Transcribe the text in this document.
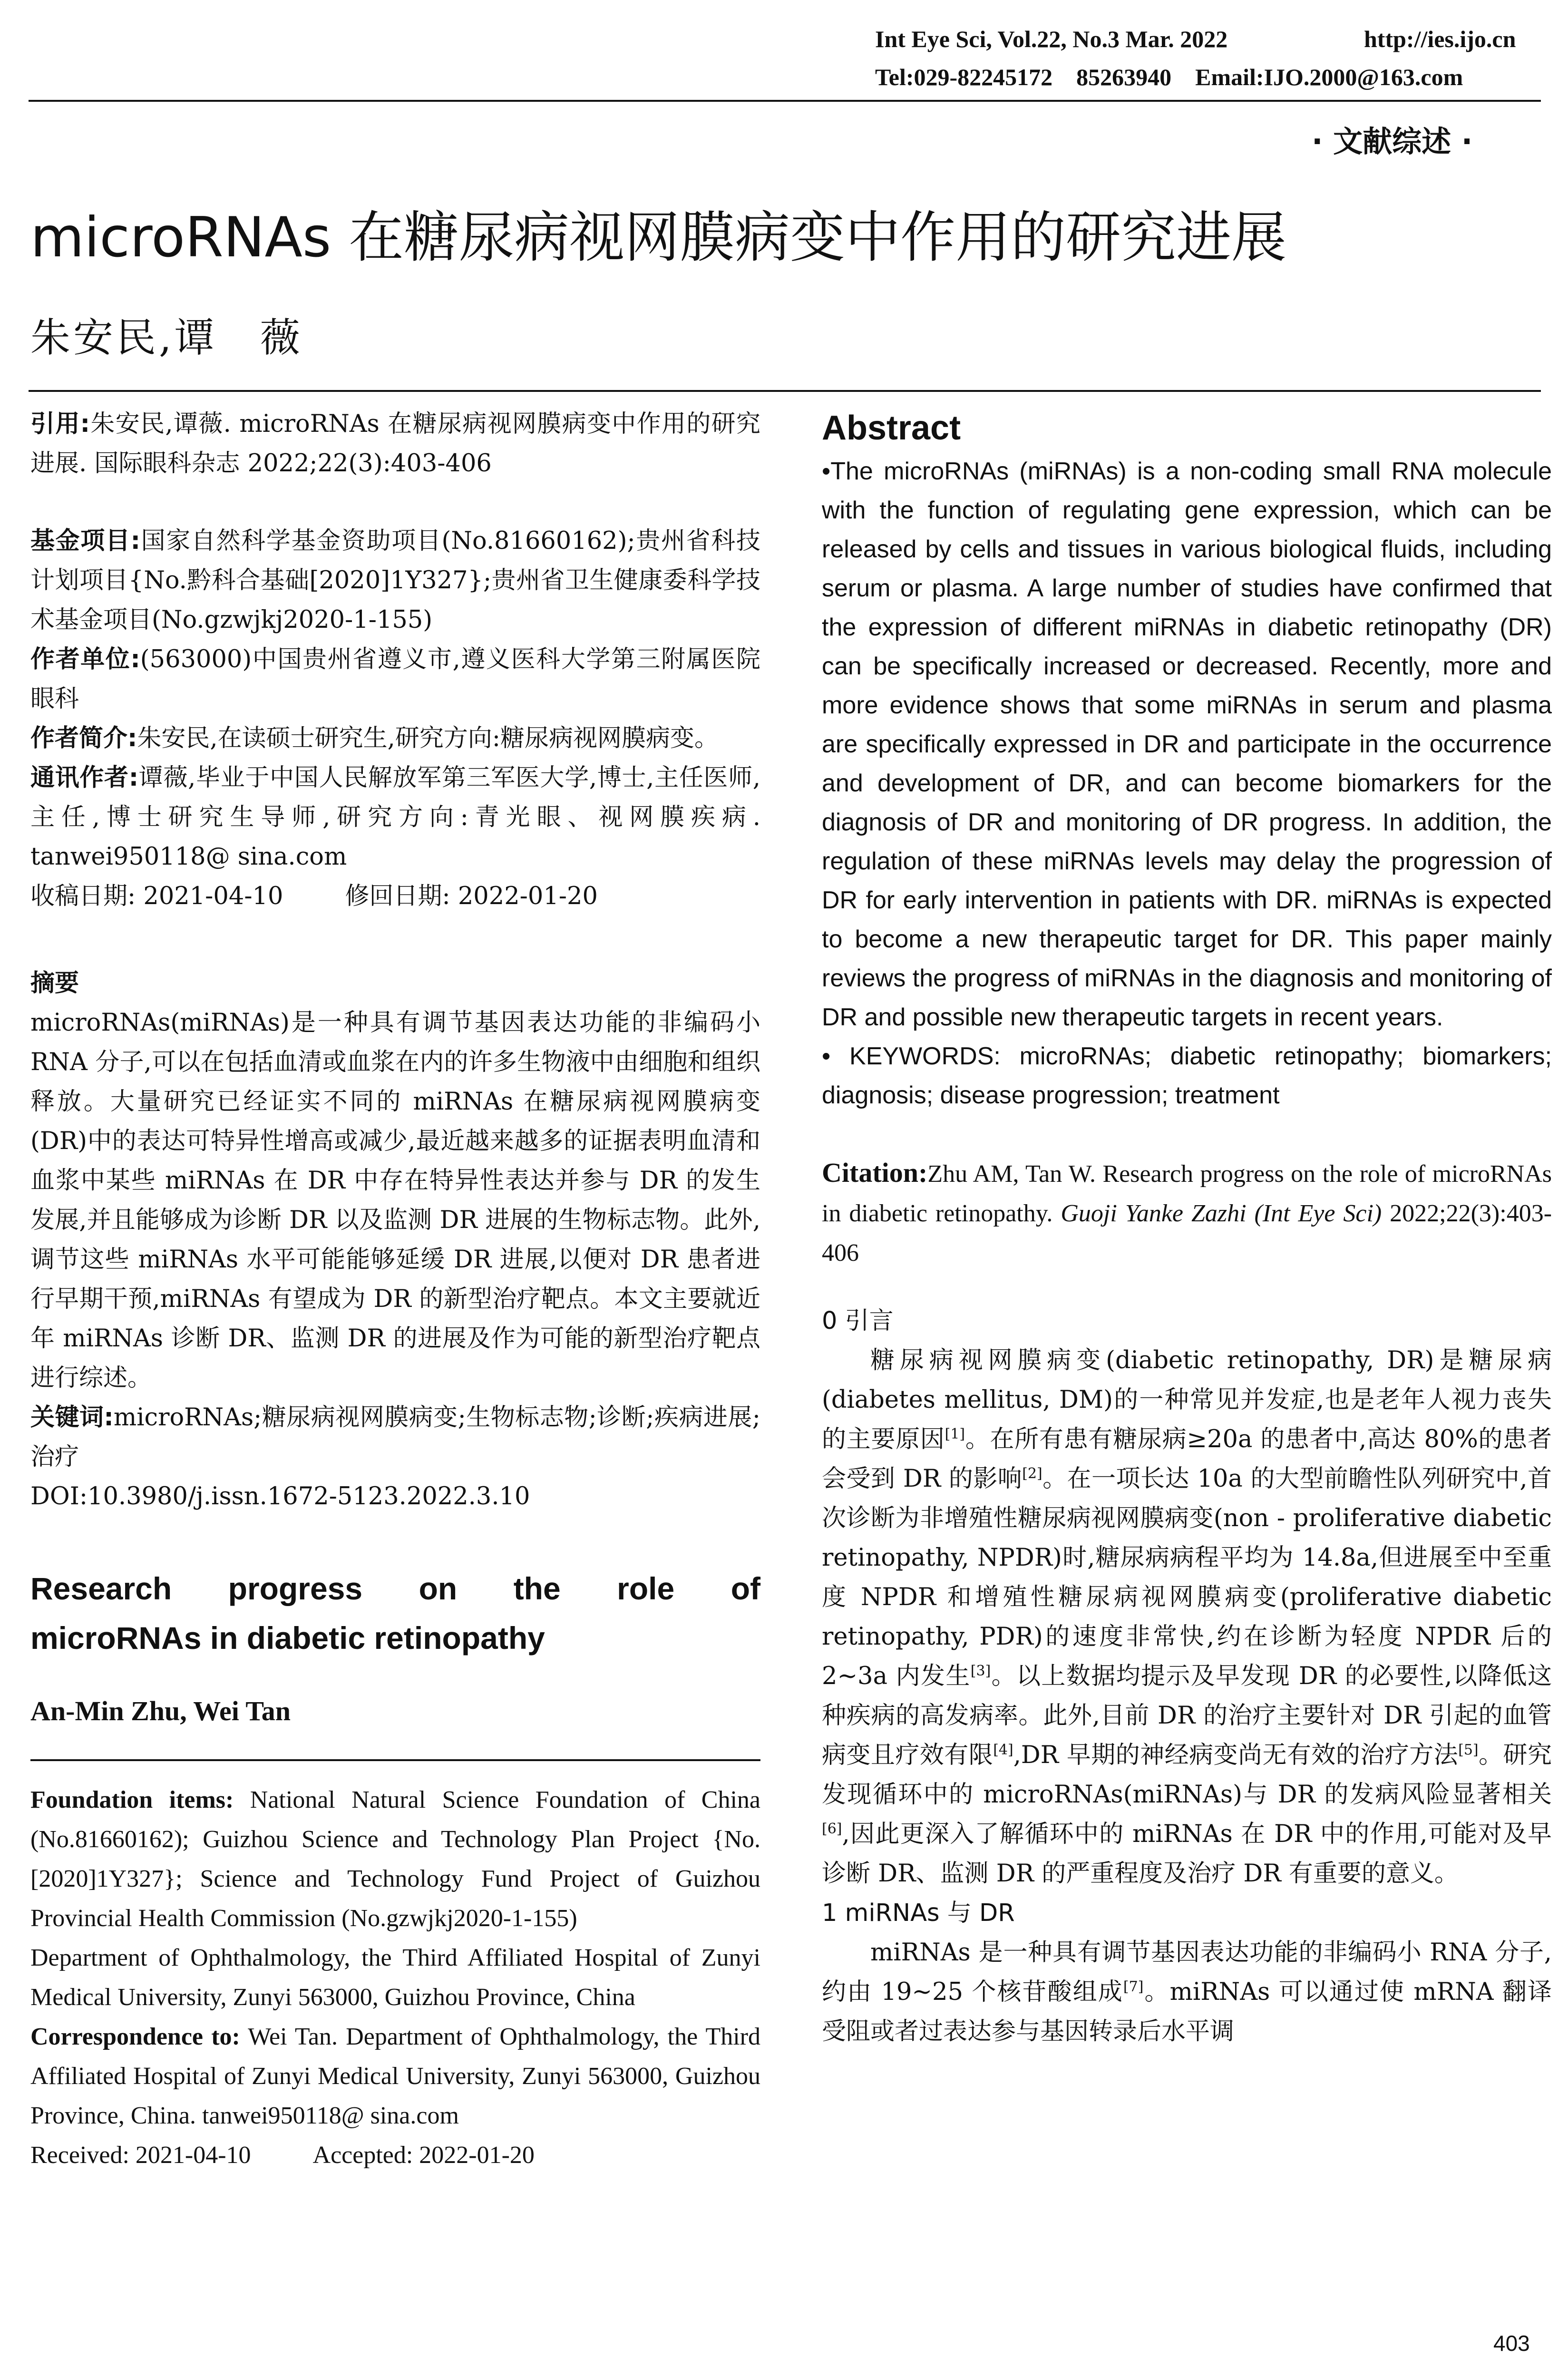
Int Eye Sci, Vol.22, No.3 Mar. 2022	http://ies.ijo.cn
Tel:029-82245172    85263940    Email:IJO.2000@163.com
· 文献综述 ·
microRNAs 在糖尿病视网膜病变中作用的研究进展
朱安民,谭　薇

引用:朱安民,谭薇. microRNAs 在糖尿病视网膜病变中作用的研究进展. 国际眼科杂志 2022;22(3):403-406

基金项目:国家自然科学基金资助项目(No.81660162);贵州省科技计划项目{No.黔科合基础[2020]1Y327};贵州省卫生健康委科学技术基金项目(No.gzwjkj2020-1-155)

作者单位:(563000)中国贵州省遵义市,遵义医科大学第三附属医院眼科

作者简介:朱安民,在读硕士研究生,研究方向:糖尿病视网膜病变。

通讯作者:谭薇,毕业于中国人民解放军第三军医大学,博士,主任医师,主任,博士研究生导师,研究方向:青光眼、视网膜疾病. tanwei950118@ sina.com

收稿日期: 2021-04-10	修回日期: 2022-01-20

摘要

microRNAs(miRNAs)是一种具有调节基因表达功能的非编码小 RNA 分子,可以在包括血清或血浆在内的许多生物液中由细胞和组织释放。大量研究已经证实不同的 miRNAs 在糖尿病视网膜病变(DR)中的表达可特异性增高或减少,最近越来越多的证据表明血清和血浆中某些 miRNAs 在 DR 中存在特异性表达并参与 DR 的发生发展,并且能够成为诊断 DR 以及监测 DR 进展的生物标志物。此外,调节这些 miRNAs 水平可能能够延缓 DR 进展,以便对 DR 患者进行早期干预,miRNAs 有望成为 DR 的新型治疗靶点。本文主要就近年 miRNAs 诊断 DR、监测 DR 的进展及作为可能的新型治疗靶点进行综述。

关键词:microRNAs;糖尿病视网膜病变;生物标志物;诊断;疾病进展;治疗

DOI:10.3980/j.issn.1672-5123.2022.3.10

Research progress on the role of

microRNAs in diabetic retinopathy

An-Min Zhu, Wei Tan

Foundation items: National Natural Science Foundation of China (No.81660162); Guizhou Science and Technology Plan Project {No.[2020]1Y327}; Science and Technology Fund Project of Guizhou Provincial Health Commission (No.gzwjkj2020-1-155)

Department of Ophthalmology, the Third Affiliated Hospital of Zunyi Medical University, Zunyi 563000, Guizhou Province, China

Correspondence to: Wei Tan. Department of Ophthalmology, the Third Affiliated Hospital of Zunyi Medical University, Zunyi 563000, Guizhou Province, China. tanwei950118@ sina.com

Received: 2021-04-10	Accepted: 2022-01-20

Abstract

•The microRNAs (miRNAs) is a non-coding small RNA molecule with the function of regulating gene expression, which can be released by cells and tissues in various biological fluids, including serum or plasma. A large number of studies have confirmed that the expression of different miRNAs in diabetic retinopathy (DR) can be specifically increased or decreased. Recently, more and more evidence shows that some miRNAs in serum and plasma are specifically expressed in DR and participate in the occurrence and development of DR, and can become biomarkers for the diagnosis of DR and monitoring of DR progress. In addition, the regulation of these miRNAs levels may delay the progression of DR for early intervention in patients with DR. miRNAs is expected to become a new therapeutic target for DR. This paper mainly reviews the progress of miRNAs in the diagnosis and monitoring of DR and possible new therapeutic targets in recent years.

• KEYWORDS: microRNAs; diabetic retinopathy; biomarkers; diagnosis; disease progression; treatment

Citation:Zhu AM, Tan W. Research progress on the role of microRNAs in diabetic retinopathy. Guoji Yanke Zazhi (Int Eye Sci) 2022;22(3):403-406

0 引言

糖尿病视网膜病变(diabetic retinopathy, DR)是糖尿病(diabetes mellitus, DM)的一种常见并发症,也是老年人视力丧失的主要原因[1]。在所有患有糖尿病≥20a 的患者中,高达 80%的患者会受到 DR 的影响[2]。在一项长达 10a 的大型前瞻性队列研究中,首次诊断为非增殖性糖尿病视网膜病变(non - proliferative diabetic retinopathy, NPDR)时,糖尿病病程平均为 14.8a,但进展至中至重度 NPDR 和增殖性糖尿病视网膜病变(proliferative diabetic retinopathy, PDR)的速度非常快,约在诊断为轻度 NPDR 后的 2~3a 内发生[3]。以上数据均提示及早发现 DR 的必要性,以降低这种疾病的高发病率。此外,目前 DR 的治疗主要针对 DR 引起的血管病变且疗效有限[4],DR 早期的神经病变尚无有效的治疗方法[5]。研究发现循环中的 microRNAs(miRNAs)与 DR 的发病风险显著相关[6],因此更深入了解循环中的 miRNAs 在 DR 中的作用,可能对及早诊断 DR、监测 DR 的严重程度及治疗 DR 有重要的意义。

1 miRNAs 与 DR

miRNAs 是一种具有调节基因表达功能的非编码小 RNA 分子,约由 19~25 个核苷酸组成[7]。miRNAs 可以通过使 mRNA 翻译受阻或者过表达参与基因转录后水平调

403
